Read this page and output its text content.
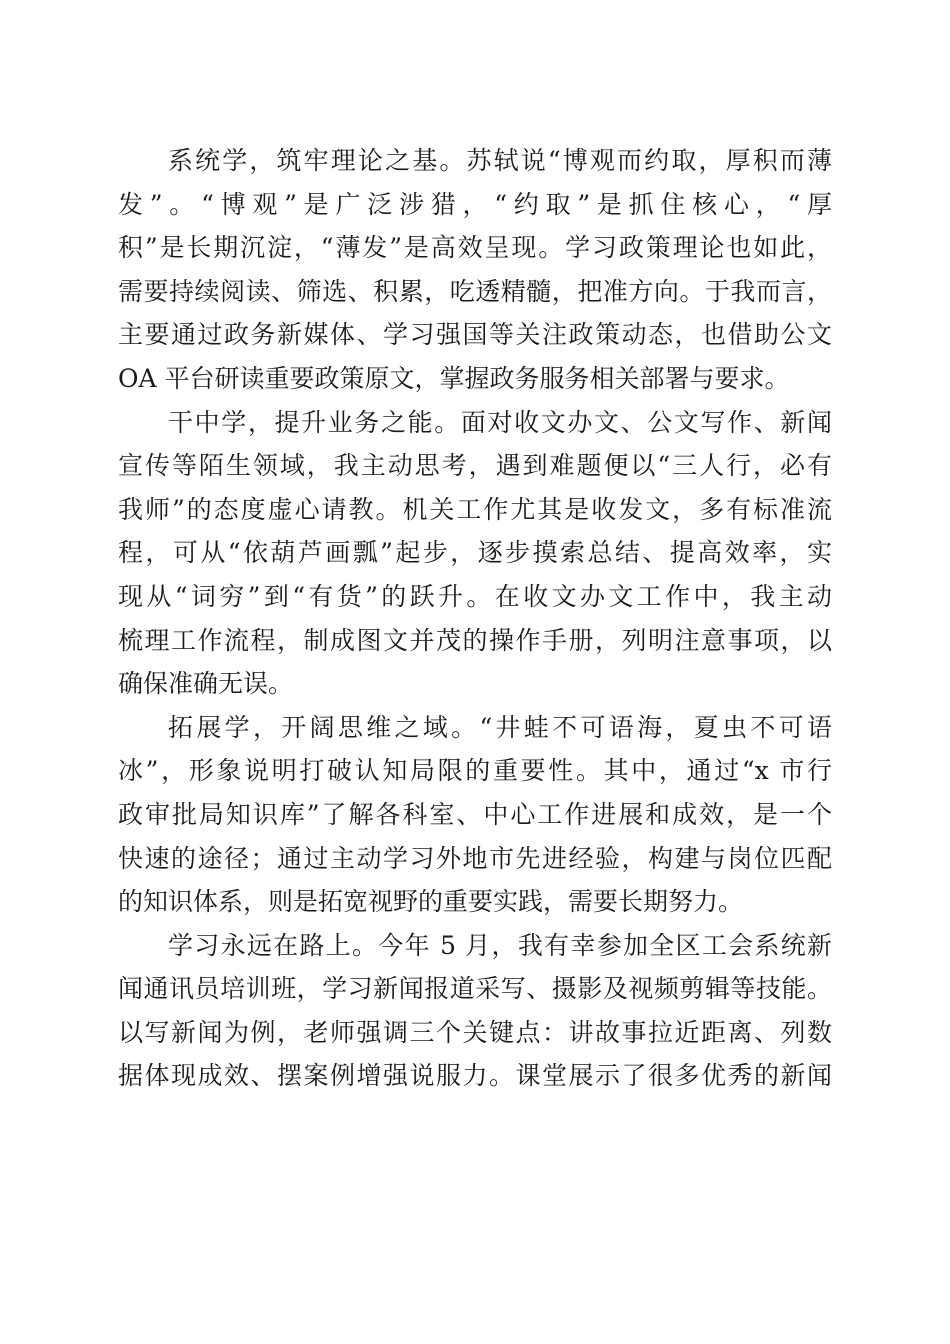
系统学，筑牢理论之基。苏轼说“博观而约取，厚积而薄
发”。“博观”是广泛涉猎，“约取”是抓住核心，“厚
积”是长期沉淀，“薄发”是高效呈现。学习政策理论也如此，
需要持续阅读、筛选、积累，吃透精髓，把准方向。于我而言，
主要通过政务新媒体、学习强国等关注政策动态，也借助公文
OA 平台研读重要政策原文，掌握政务服务相关部署与要求。
干中学，提升业务之能。面对收文办文、公文写作、新闻
宣传等陌生领域，我主动思考，遇到难题便以“三人行，必有
我师”的态度虚心请教。机关工作尤其是收发文，多有标准流
程，可从“依葫芦画瓢”起步，逐步摸索总结、提高效率，实
现从“词穷”到“有货”的跃升。在收文办文工作中，我主动
梳理工作流程，制成图文并茂的操作手册，列明注意事项，以
确保准确无误。
拓展学，开阔思维之域。“井蛙不可语海，夏虫不可语
冰”，形象说明打破认知局限的重要性。其中，通过“x 市行
政审批局知识库”了解各科室、中心工作进展和成效，是一个
快速的途径；通过主动学习外地市先进经验，构建与岗位匹配
的知识体系，则是拓宽视野的重要实践，需要长期努力。
学习永远在路上。今年 5 月，我有幸参加全区工会系统新
闻通讯员培训班，学习新闻报道采写、摄影及视频剪辑等技能。
以写新闻为例，老师强调三个关键点：讲故事拉近距离、列数
据体现成效、摆案例增强说服力。课堂展示了很多优秀的新闻
